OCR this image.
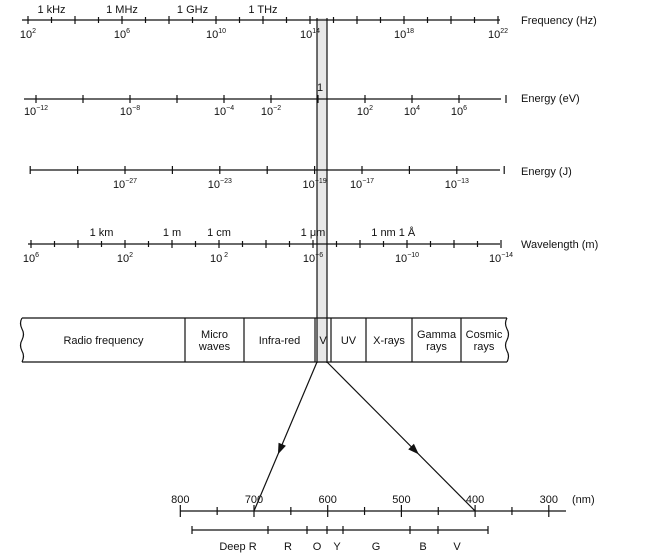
1 kHz	1 MHz	1 GHz	1 THz
$10^2$	$10^6$	$10^{10}$	$10^{14}$	$10^{18}$	$10^{22}$
Frequency (Hz)
$10^{-12}$	$10^{-8}$	$10^{-4}$ $10^{-2}$	$10^2$	$10^4$	$10^6$
1
Energy (eV)
$10^{-27}$	$10^{-23}$	$10^{-19}$ $10^{-17}$	$10^{-13}$
Energy (J)
1 km	1 m 1 cm	1 μm	1 nm 1 Å
$10^6$	$10^2$	10 $^2$	$10^{-6}$	$10^{-10}$	$10^{-14}$
Wavelength (m)
Radio frequency	Micro
waves	Infra-red V UV X-rays Gamma
rays
Cosmic
rays
800	700	600	500	400	300 (nm)
Deep R R O Y	G	B V
